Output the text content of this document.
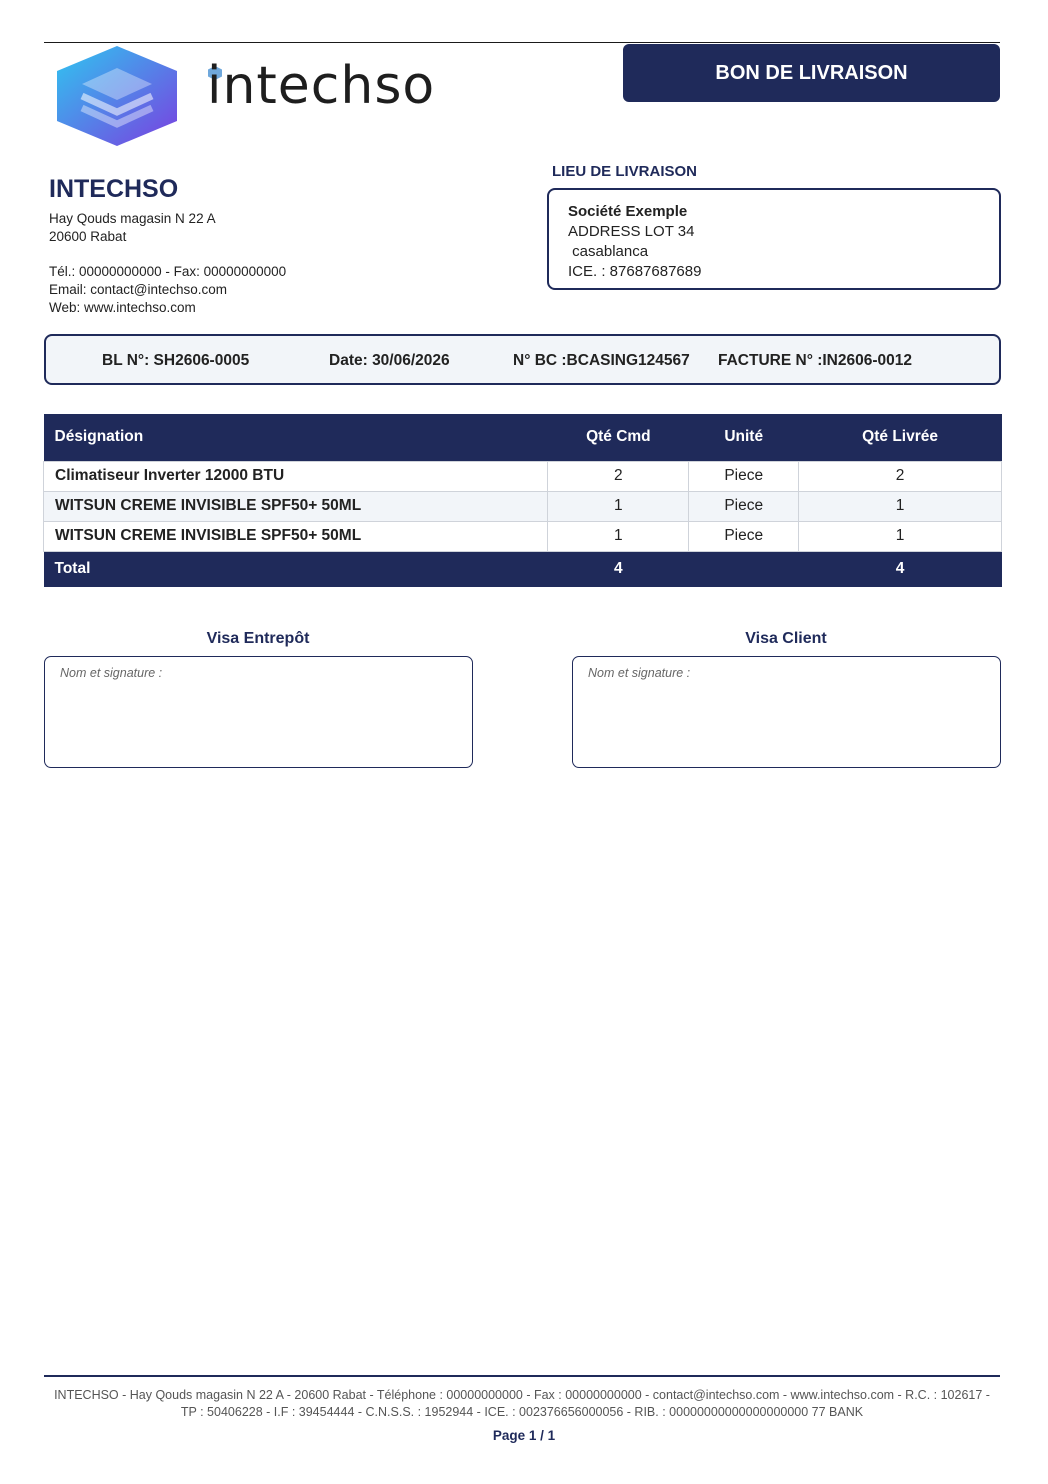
intechso	BON DE LIVRAISON
INTECHSO
Hay Qouds magasin N 22 A
20600 Rabat
Tél.: 00000000000 - Fax: 00000000000
Email: contact@intechso.com
Web: www.intechso.com
LIEU DE LIVRAISON
Société Exemple
ADDRESS LOT 34
casablanca
ICE. : 87687687689
BL N°: SH2606-0005	Date: 30/06/2026	N° BC :BCASING124567 FACTURE N° :IN2606-0012
Désignation	Qté Cmd	Unité	Qté Livrée
Climatiseur Inverter 12000 BTU	2	Piece	2
WITSUN CREME INVISIBLE SPF50+ 50ML	1	Piece	1
WITSUN CREME INVISIBLE SPF50+ 50ML	1	Piece	1
Total	4		4
Visa Entrepôt
Nom et signature :
Visa Client
Nom et signature :
INTECHSO - Hay Qouds magasin N 22 A - 20600 Rabat - Téléphone : 00000000000 - Fax : 00000000000 - contact@intechso.com - www.intechso.com - R.C. : 102617 -
TP : 50406228 - I.F : 39454444 - C.N.S.S. : 1952944 - ICE. : 002376656000056 - RIB. : 00000000000000000000 77 BANK
Page 1 / 1
